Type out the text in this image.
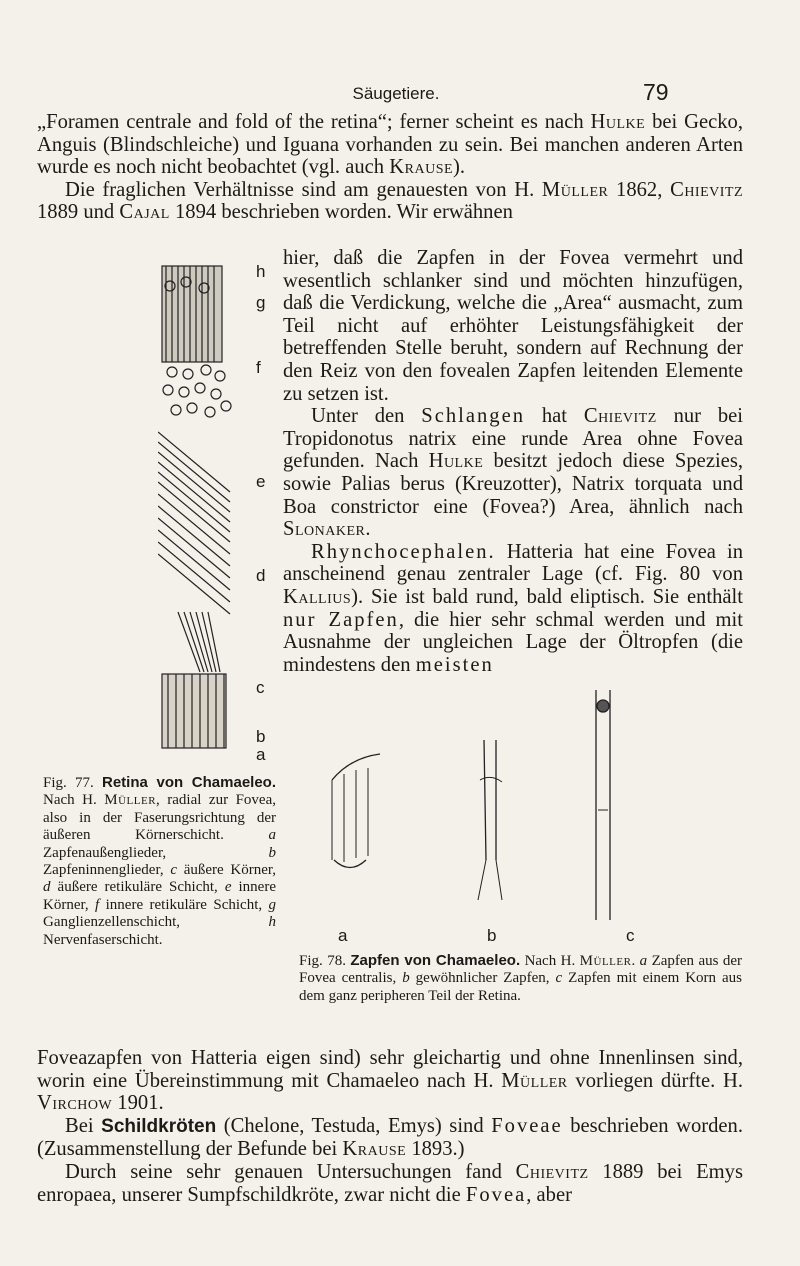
Säugetiere.	79

„Foramen centrale and fold of the retina“; ferner scheint es nach Hulke bei Gecko, Anguis (Blindschleiche) und Iguana vorhanden zu sein. Bei manchen anderen Arten wurde es noch nicht beobachtet (vgl. auch Krause).

Die fraglichen Verhältnisse sind am genauesten von H. Müller 1862, Chievitz 1889 und Cajal 1894 beschrieben worden. Wir erwähnen

hier, daß die Zapfen in der Fovea vermehrt und wesentlich schlanker sind und möchten hinzufügen, daß die Verdickung, welche die „Area“ ausmacht, zum Teil nicht auf erhöhter Leistungsfähigkeit der betreffenden Stelle beruht, sondern auf Rechnung der den Reiz von den fovealen Zapfen leitenden Elemente zu setzen ist.

Unter den Schlangen hat Chievitz nur bei Tropidonotus natrix eine runde Area ohne Fovea gefunden. Nach Hulke besitzt jedoch diese Spezies, sowie Palias berus (Kreuzotter), Natrix torquata und Boa constrictor eine (Fovea?) Area, ähnlich nach Slonaker.

Rhynchocephalen. Hatteria hat eine Fovea in anscheinend genau zentraler Lage (cf. Fig. 80 von Kallius). Sie ist bald rund, bald eliptisch. Sie enthält nur Zapfen, die hier sehr schmal werden und mit Ausnahme der ungleichen Lage der Öltropfen (die mindestens den meisten

h
g
f
e
d
c
b
a
Fig. 77. Retina von Chamaeleo. Nach H. Müller, radial zur Fovea, also in der Faserungsrichtung der äußeren Körnerschicht.	a Zapfenaußenglieder,	b Zapfeninnenglieder, c äußere Körner, d äußere retikuläre Schicht, e innere Körner, f innere retikuläre Schicht, g Ganglienzellenschicht,	h Nervenfaserschicht.	a	b	c
Fig. 78. Zapfen von Chamaeleo. Nach H. Müller. a Zapfen aus der Fovea centralis, b gewöhnlicher Zapfen, c Zapfen mit einem Korn aus dem ganz peripheren Teil der Retina.

Foveazapfen von Hatteria eigen sind) sehr gleichartig und ohne Innenlinsen sind, worin eine Übereinstimmung mit Chamaeleo nach H. Müller vorliegen dürfte. H. Virchow 1901.

Bei Schildkröten (Chelone, Testuda, Emys) sind Foveae beschrieben worden. (Zusammenstellung der Befunde bei Krause 1893.)

Durch seine sehr genauen Untersuchungen fand Chievitz 1889 bei Emys enropaea, unserer Sumpfschildkröte, zwar nicht die Fovea, aber
